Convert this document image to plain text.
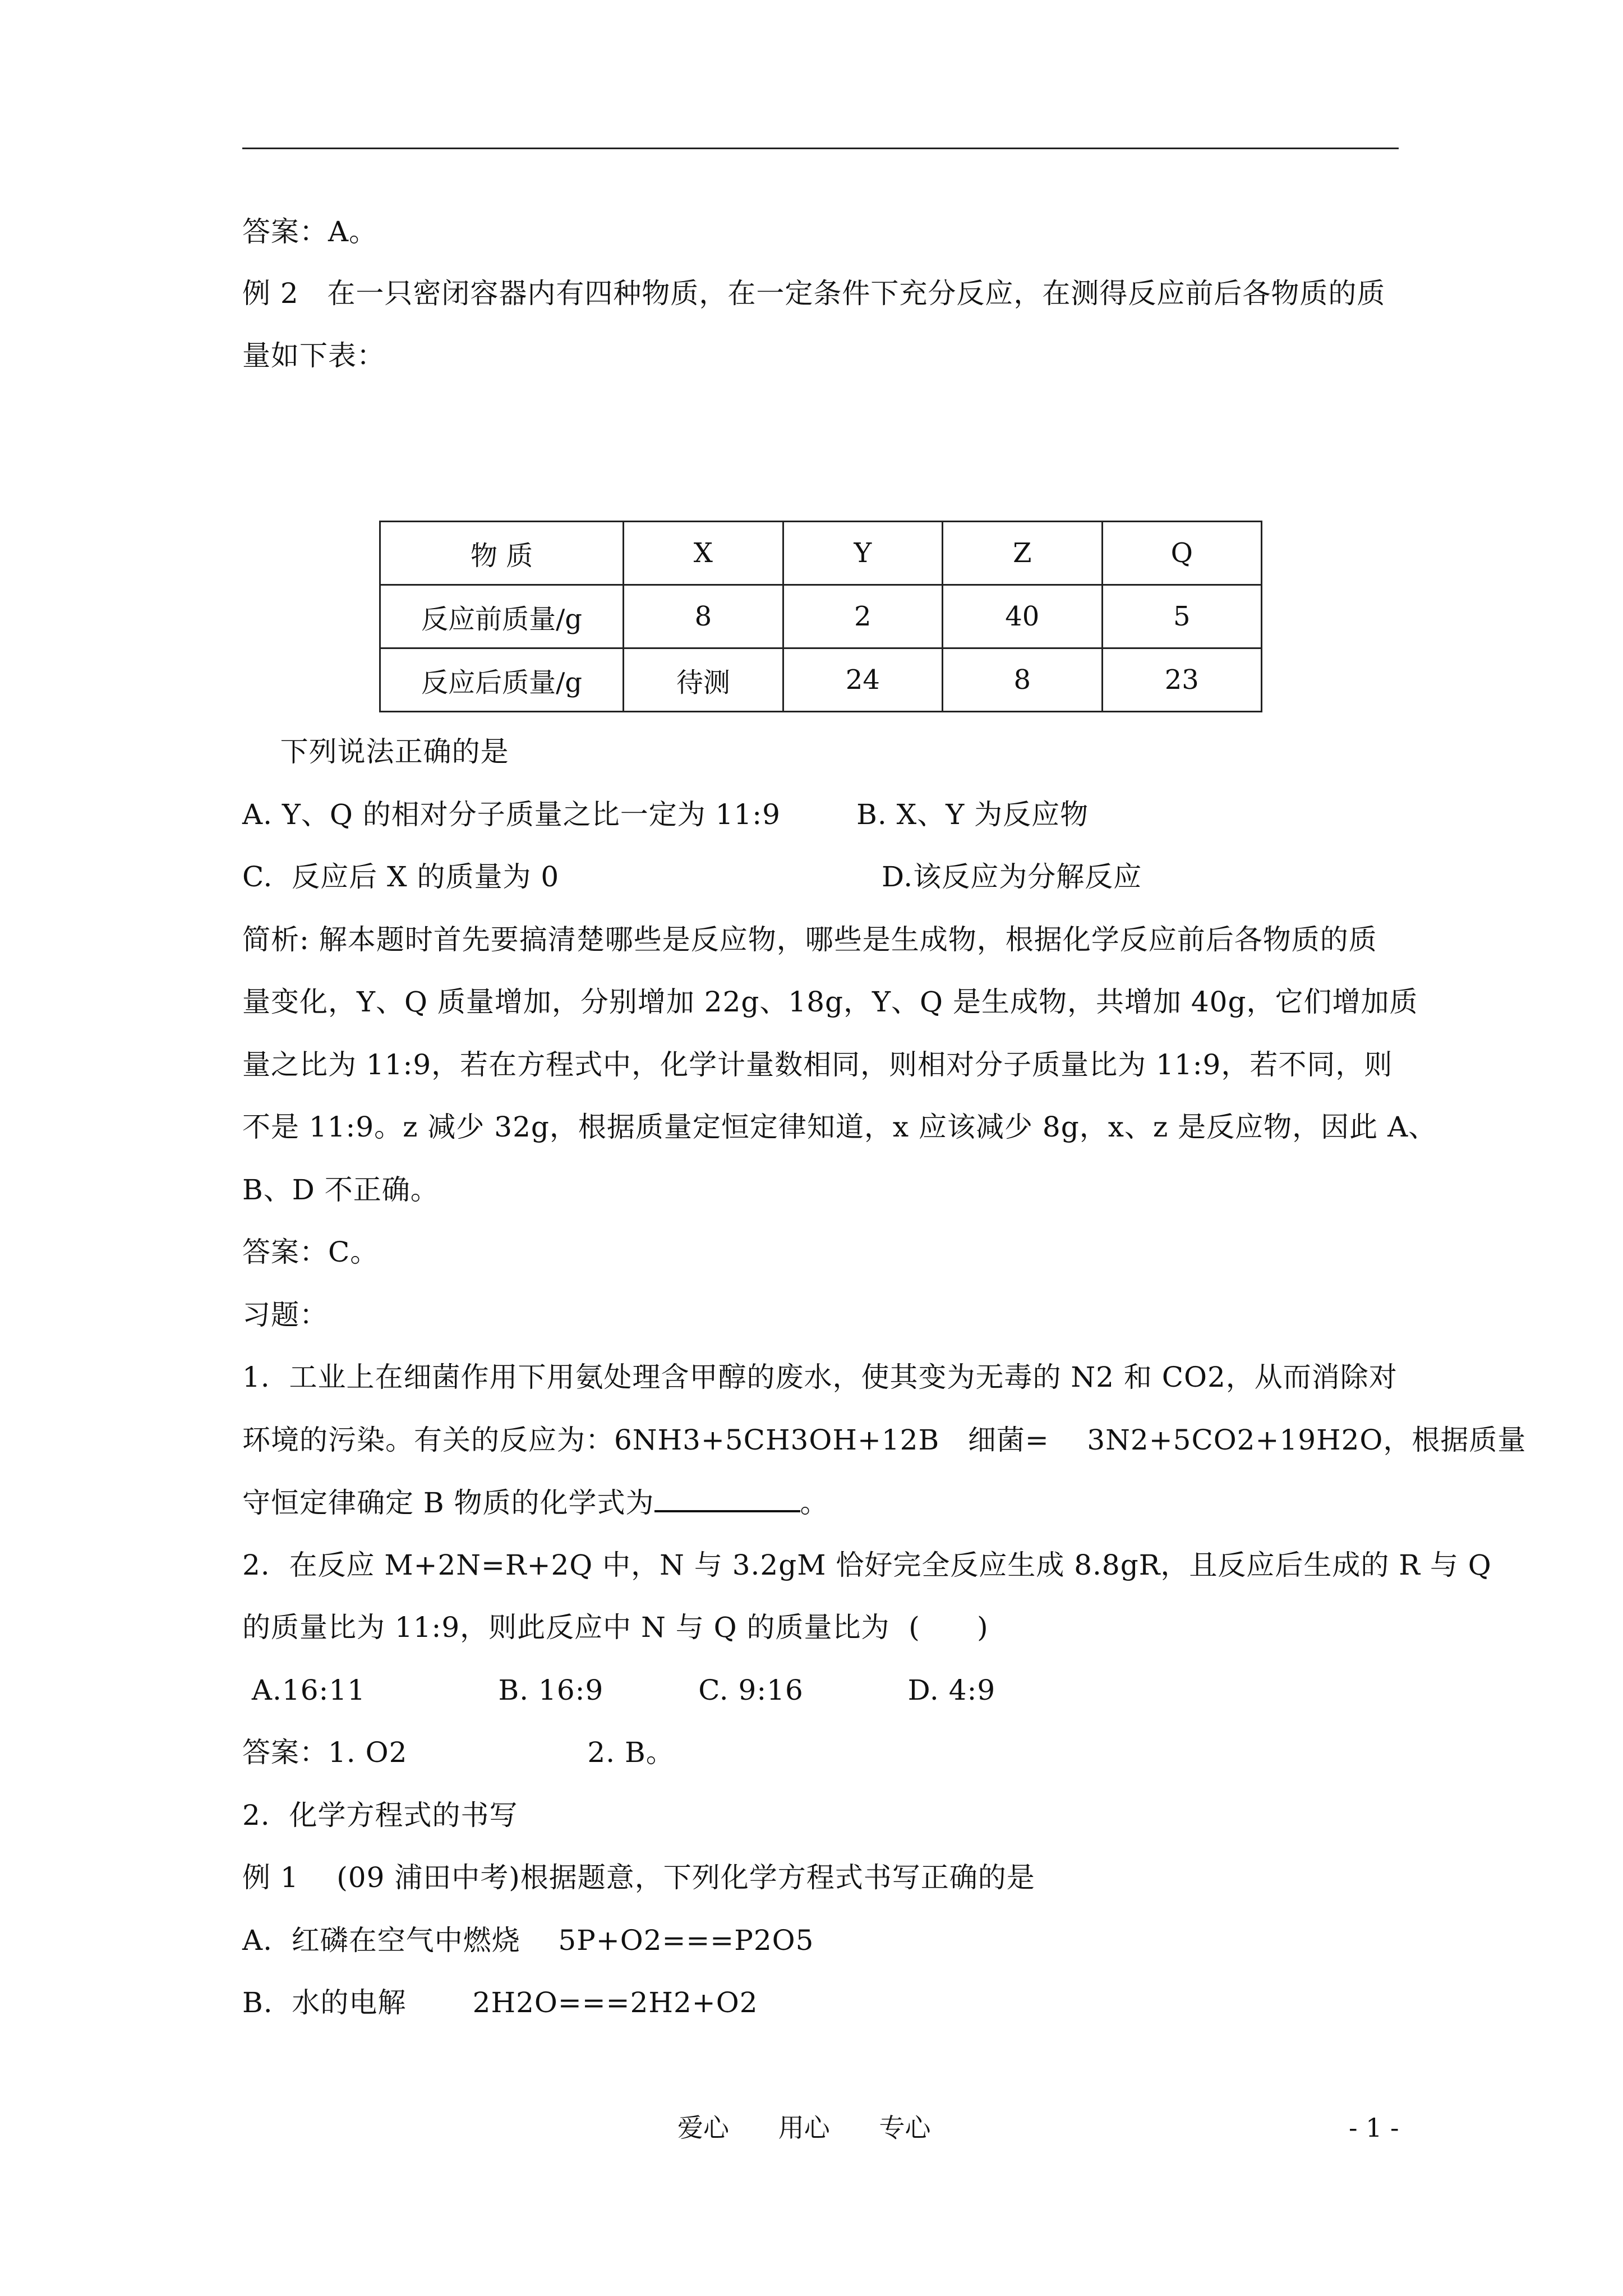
答案：A。
例 2   在一只密闭容器内有四种物质，在一定条件下充分反应，在测得反应前后各物质的质
量如下表：
物 质	X	Y	Z	Q
反应前质量/g	8	2	40	5
反应后质量/g	待测	24	8	23
下列说法正确的是
A. Y、Q 的相对分子质量之比一定为 11:9        B. X、Y 为反应物
C.  反应后 X 的质量为 0	D.该反应为分解反应
简析: 解本题时首先要搞清楚哪些是反应物，哪些是生成物，根据化学反应前后各物质的质
量变化，Y、Q 质量增加，分别增加 22g、18g，Y、Q 是生成物，共增加 40g，它们增加质
量之比为 11:9，若在方程式中，化学计量数相同，则相对分子质量比为 11:9，若不同，则
不是 11:9。z 减少 32g，根据质量定恒定律知道，x 应该减少 8g，x、z 是反应物，因此 A、
B、D 不正确。
答案：C。
习题：
1.  工业上在细菌作用下用氨处理含甲醇的废水，使其变为无毒的 N2 和 CO2，从而消除对
环境的污染。有关的反应为：6NH3+5CH3OH+12B   细菌=    3N2+5CO2+19H2O，根据质量
守恒定律确定 B 物质的化学式为	。
2.  在反应 M+2N=R+2Q 中，N 与 3.2gM 恰好完全反应生成 8.8gR，且反应后生成的 R 与 Q
的质量比为 11:9，则此反应中 N 与 Q 的质量比为  (      )
A.16:11              B. 16:9          C. 9:16           D. 4:9
答案：1. O2                   2. B。
2.  化学方程式的书写
例 1    (09 浦田中考)根据题意，下列化学方程式书写正确的是
A.  红磷在空气中燃烧    5P+O2===P2O5
B.  水的电解       2H2O===2H2+O2
爱心      用心      专心	- 1 -
